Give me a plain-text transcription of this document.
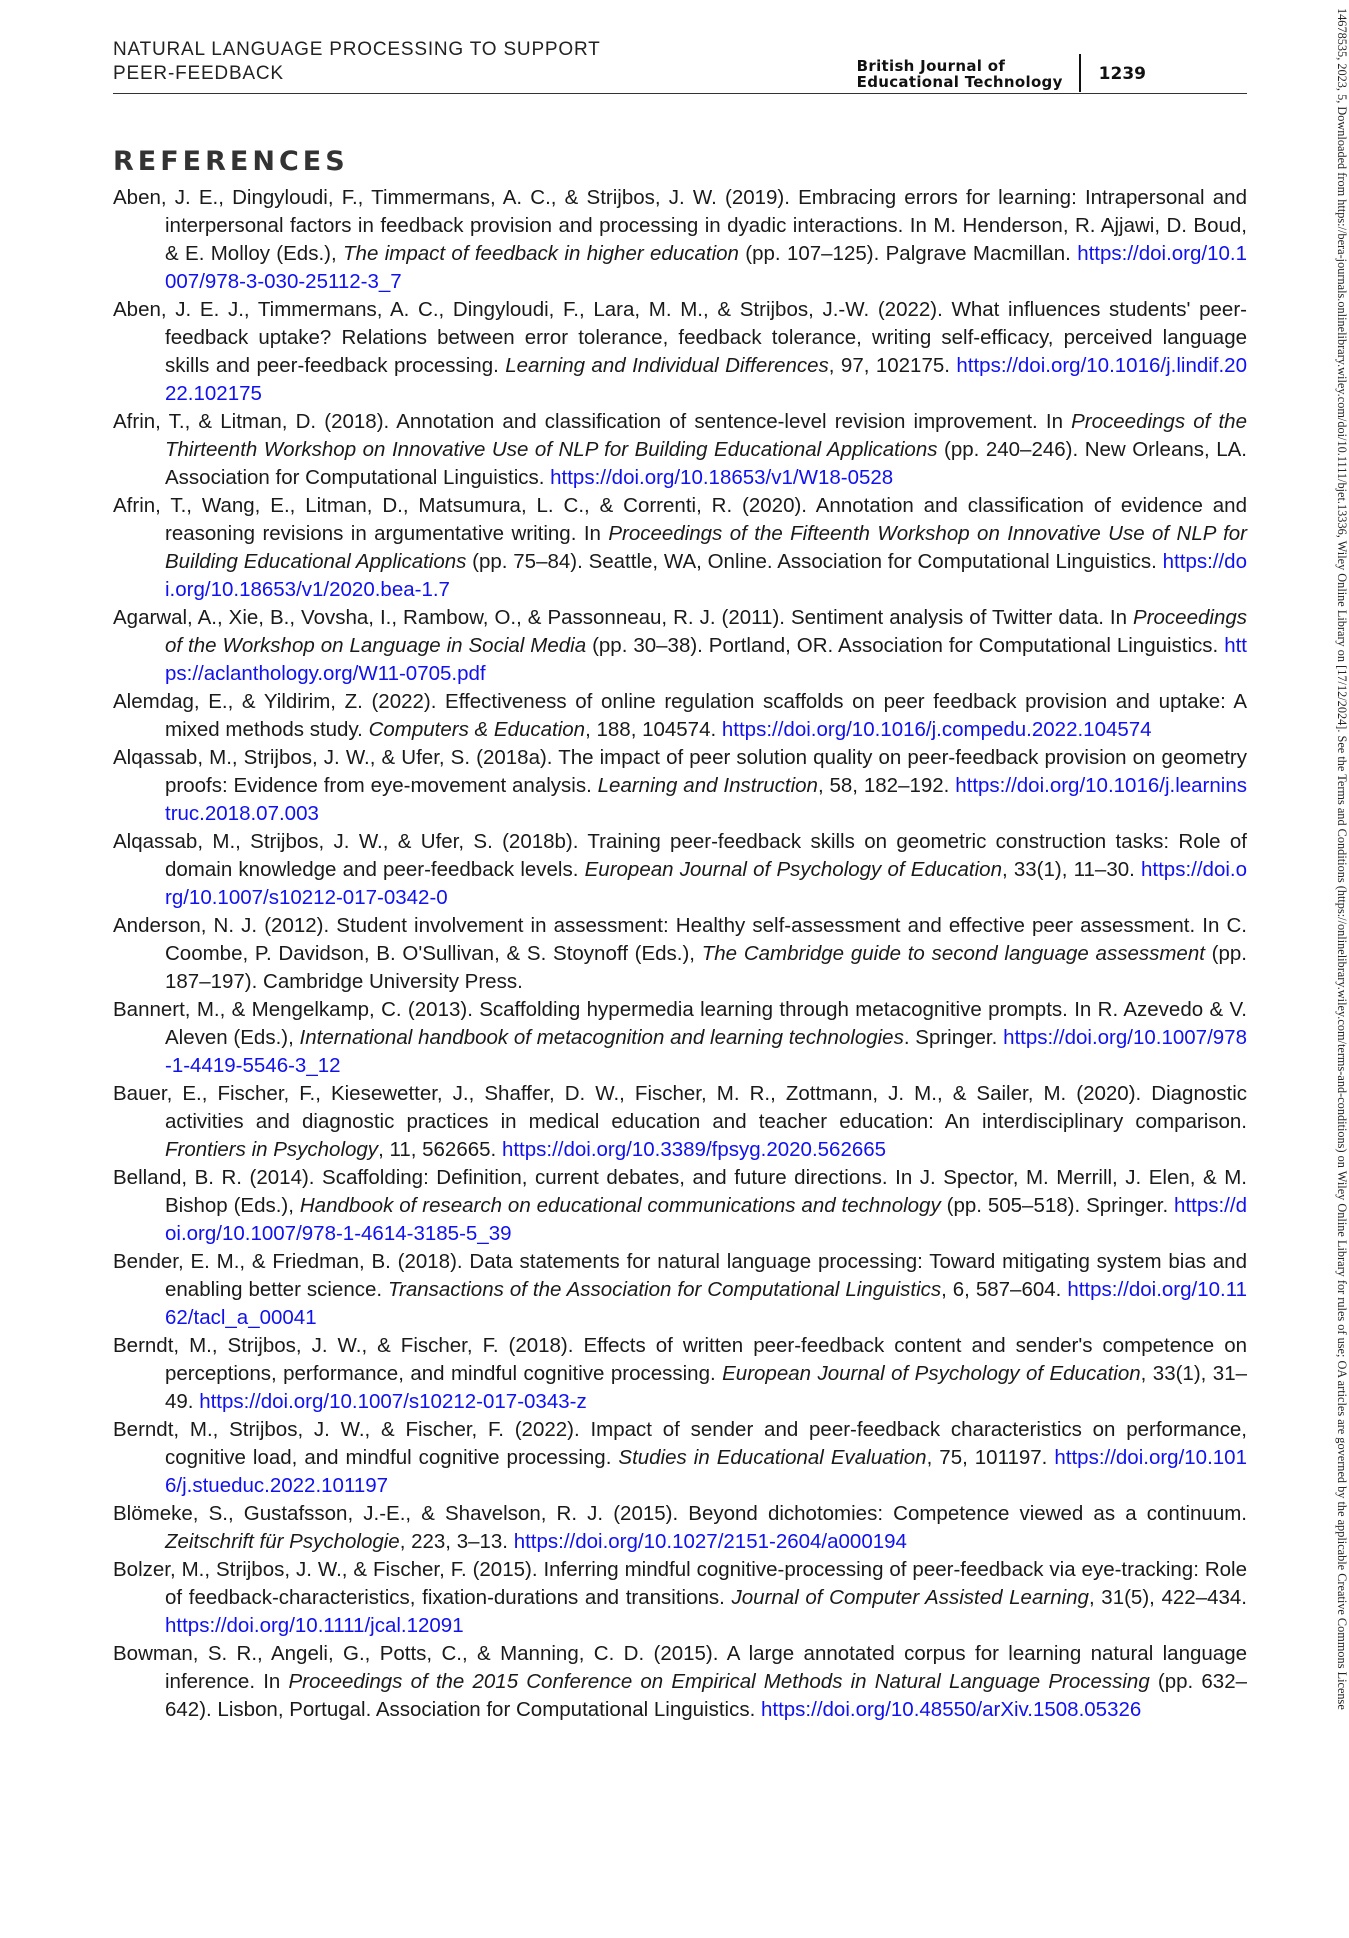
NATURAL LANGUAGE PROCESSING TO SUPPORT
PEER-FEEDBACK	British Journal of
Educational Technology	1239
REFERENCES
Aben, J. E., Dingyloudi, F., Timmermans, A. C., & Strijbos, J. W. (2019). Embracing errors for learning: Intrapersonal and interpersonal factors in feedback provision and processing in dyadic interactions. In M. Henderson, R. Ajjawi, D. Boud, & E. Molloy (Eds.), The impact of feedback in higher education (pp. 107–125). Palgrave Macmillan. https://doi.org/10.1007/978-3-030-25112-3_7
Aben, J. E. J., Timmermans, A. C., Dingyloudi, F., Lara, M. M., & Strijbos, J.-W. (2022). What influences students' peer-feedback uptake? Relations between error tolerance, feedback tolerance, writing self-efficacy, perceived language skills and peer-feedback processing. Learning and Individual Differences, 97, 102175. https://doi.org/10.1016/j.lindif.2022.102175
Afrin, T., & Litman, D. (2018). Annotation and classification of sentence-level revision improvement. In Proceedings of the Thirteenth Workshop on Innovative Use of NLP for Building Educational Applications (pp. 240–246). New Orleans, LA. Association for Computational Linguistics. https://doi.org/10.18653/v1/W18-0528
Afrin, T., Wang, E., Litman, D., Matsumura, L. C., & Correnti, R. (2020). Annotation and classification of evidence and reasoning revisions in argumentative writing. In Proceedings of the Fifteenth Workshop on Innovative Use of NLP for Building Educational Applications (pp. 75–84). Seattle, WA, Online. Association for Computational Linguistics. https://doi.org/10.18653/v1/2020.bea-1.7
Agarwal, A., Xie, B., Vovsha, I., Rambow, O., & Passonneau, R. J. (2011). Sentiment analysis of Twitter data. In Proceedings of the Workshop on Language in Social Media (pp. 30–38). Portland, OR. Association for Computational Linguistics. https://aclanthology.org/W11-0705.pdf
Alemdag, E., & Yildirim, Z. (2022). Effectiveness of online regulation scaffolds on peer feedback provision and uptake: A mixed methods study. Computers & Education, 188, 104574. https://doi.org/10.1016/j.compedu.2022.104574
Alqassab, M., Strijbos, J. W., & Ufer, S. (2018a). The impact of peer solution quality on peer-feedback provision on geometry proofs: Evidence from eye-movement analysis. Learning and Instruction, 58, 182–192. https://doi.org/10.1016/j.learninstruc.2018.07.003
Alqassab, M., Strijbos, J. W., & Ufer, S. (2018b). Training peer-feedback skills on geometric construction tasks: Role of domain knowledge and peer-feedback levels. European Journal of Psychology of Education, 33(1), 11–30. https://doi.org/10.1007/s10212-017-0342-0
Anderson, N. J. (2012). Student involvement in assessment: Healthy self-assessment and effective peer assessment. In C. Coombe, P. Davidson, B. O'Sullivan, & S. Stoynoff (Eds.), The Cambridge guide to second language assessment (pp. 187–197). Cambridge University Press.
Bannert, M., & Mengelkamp, C. (2013). Scaffolding hypermedia learning through metacognitive prompts. In R. Azevedo & V. Aleven (Eds.), International handbook of metacognition and learning technologies. Springer. https://doi.org/10.1007/978-1-4419-5546-3_12
Bauer, E., Fischer, F., Kiesewetter, J., Shaffer, D. W., Fischer, M. R., Zottmann, J. M., & Sailer, M. (2020). Diagnostic activities and diagnostic practices in medical education and teacher education: An interdisciplinary comparison. Frontiers in Psychology, 11, 562665. https://doi.org/10.3389/fpsyg.2020.562665
Belland, B. R. (2014). Scaffolding: Definition, current debates, and future directions. In J. Spector, M. Merrill, J. Elen, & M. Bishop (Eds.), Handbook of research on educational communications and technology (pp. 505–518). Springer. https://doi.org/10.1007/978-1-4614-3185-5_39
Bender, E. M., & Friedman, B. (2018). Data statements for natural language processing: Toward mitigating system bias and enabling better science. Transactions of the Association for Computational Linguistics, 6, 587–604. https://doi.org/10.1162/tacl_a_00041
Berndt, M., Strijbos, J. W., & Fischer, F. (2018). Effects of written peer-feedback content and sender's competence on perceptions, performance, and mindful cognitive processing. European Journal of Psychology of Education, 33(1), 31–49. https://doi.org/10.1007/s10212-017-0343-z
Berndt, M., Strijbos, J. W., & Fischer, F. (2022). Impact of sender and peer-feedback characteristics on performance, cognitive load, and mindful cognitive processing. Studies in Educational Evaluation, 75, 101197. https://doi.org/10.1016/j.stueduc.2022.101197
Blömeke, S., Gustafsson, J.-E., & Shavelson, R. J. (2015). Beyond dichotomies: Competence viewed as a continuum. Zeitschrift für Psychologie, 223, 3–13. https://doi.org/10.1027/2151-2604/a000194
Bolzer, M., Strijbos, J. W., & Fischer, F. (2015). Inferring mindful cognitive-processing of peer-feedback via eye-tracking: Role of feedback-characteristics, fixation-durations and transitions. Journal of Computer Assisted Learning, 31(5), 422–434. https://doi.org/10.1111/jcal.12091
Bowman, S. R., Angeli, G., Potts, C., & Manning, C. D. (2015). A large annotated corpus for learning natural language inference. In Proceedings of the 2015 Conference on Empirical Methods in Natural Language Processing (pp. 632–642). Lisbon, Portugal. Association for Computational Linguistics. https://doi.org/10.48550/arXiv.1508.05326	14678535, 2023, 5, Downloaded from https://bera-journals.onlinelibrary.wiley.com/doi/10.1111/bjet.13336, Wiley Online Library on [17/12/2024]. See the Terms and Conditions (https://onlinelibrary.wiley.com/terms-and-conditions) on Wiley Online Library for rules of use; OA articles are governed by the applicable Creative Commons License
